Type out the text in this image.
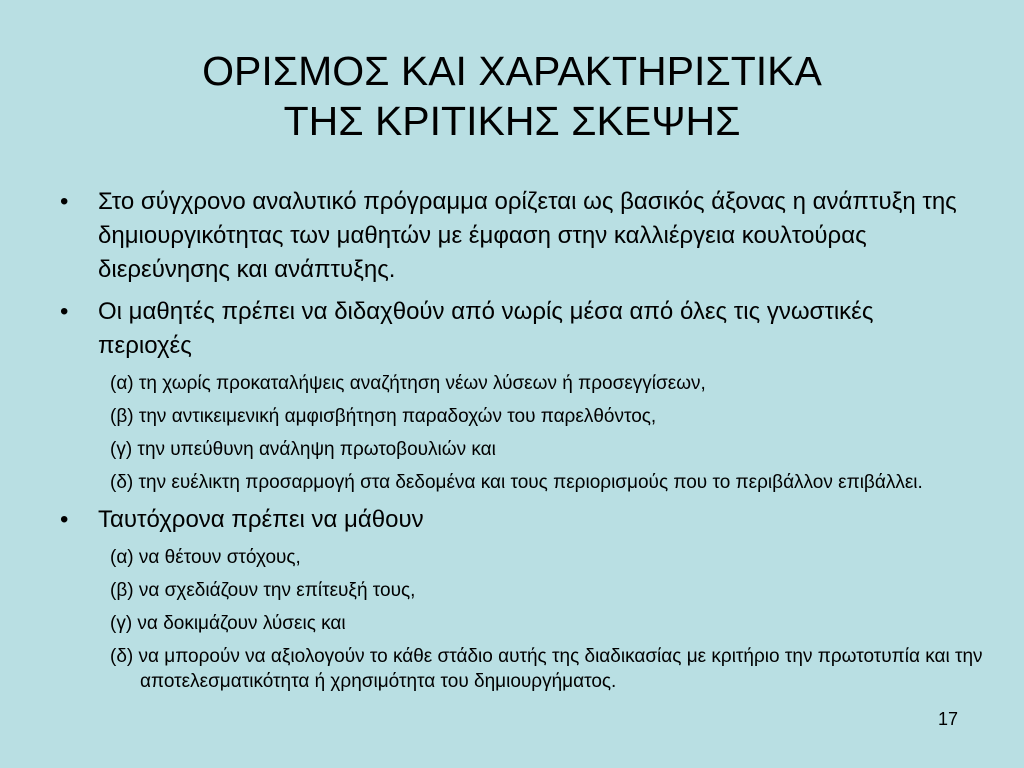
ΟΡΙΣΜΟΣ ΚΑΙ ΧΑΡΑΚΤΗΡΙΣΤΙΚΑ
ΤΗΣ ΚΡΙΤΙΚΗΣ ΣΚΕΨΗΣ
• Στο σύγχρονο αναλυτικό πρόγραμμα ορίζεται ως βασικός άξονας η ανάπτυξη της δημιουργικότητας των μαθητών με έμφαση στην καλλιέργεια κουλτούρας διερεύνησης και ανάπτυξης.
• Οι μαθητές πρέπει να διδαχθούν από νωρίς μέσα από όλες τις γνωστικές περιοχές
(α) τη χωρίς προκαταλήψεις αναζήτηση νέων λύσεων ή προσεγγίσεων,
(β) την αντικειμενική αμφισβήτηση παραδοχών του παρελθόντος,
(γ) την υπεύθυνη ανάληψη πρωτοβουλιών και
(δ) την ευέλικτη προσαρμογή στα δεδομένα και τους περιορισμούς που το περιβάλλον επιβάλλει.
• Ταυτόχρονα πρέπει να μάθουν
(α) να θέτουν στόχους,
(β) να σχεδιάζουν την επίτευξή τους,
(γ) να δοκιμάζουν λύσεις και
(δ) να μπορούν να αξιολογούν το κάθε στάδιο αυτής της διαδικασίας με κριτήριο την πρωτοτυπία και την αποτελεσματικότητα ή χρησιμότητα του δημιουργήματος.
17
